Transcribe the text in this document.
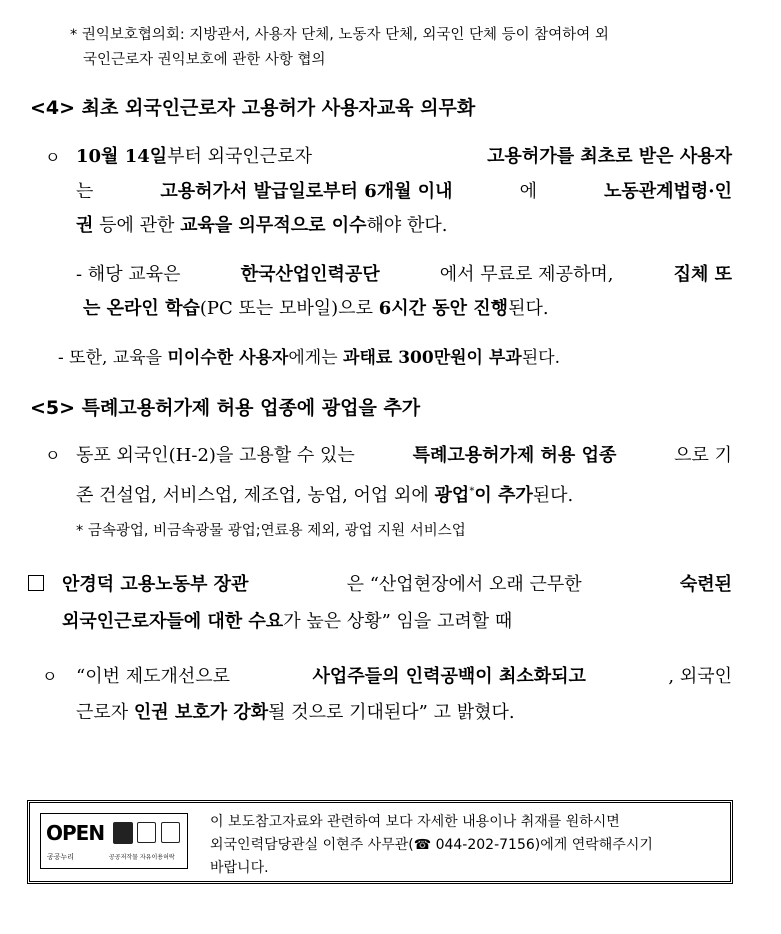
* 권익보호협의회: 지방관서, 사용자 단체, 노동자 단체, 외국인 단체 등이 참여하여 외
국인근로자 권익보호에 관한 사항 협의
<4> 최초 외국인근로자 고용허가 사용자교육 의무화
ㅇ 10월 14일부터 외국인근로자	고용허가를 최초로 받은 사용자
는	고용허가서 발급일로부터 6개월 이내	에	노동관계법령·인
권 등에 관한 교육을 의무적으로 이수해야 한다.
- 해당 교육은	한국산업인력공단	에서 무료로 제공하며,	집체 또
는 온라인 학습(PC 또는 모바일)으로 6시간 동안 진행된다.
- 또한, 교육을 미이수한 사용자에게는 과태료 300만원이 부과된다.
<5> 특례고용허가제 허용 업종에 광업을 추가
ㅇ 동포 외국인(H-2)을 고용할 수 있는	특례고용허가제 허용 업종	으로 기
존 건설업, 서비스업, 제조업, 농업, 어업 외에 광업*이 추가된다.
* 금속광업, 비금속광물 광업;연료용 제외, 광업 지원 서비스업
안경덕 고용노동부 장관	은 “산업현장에서 오래 근무한	숙련된
외국인근로자들에 대한 수요가 높은 상황” 임을 고려할 때
ㅇ “이번 제도개선으로	사업주들의 인력공백이 최소화되고	, 외국인
근로자 인권 보호가 강화될 것으로 기대된다” 고 밝혔다.
OPEN
공공누리	공공저작물 자유이용허락
이 보도참고자료와 관련하여 보다 자세한 내용이나 취재를 원하시면
외국인력담당관실 이현주 사무관(☎ 044-202-7156)에게 연락해주시기
바랍니다.
